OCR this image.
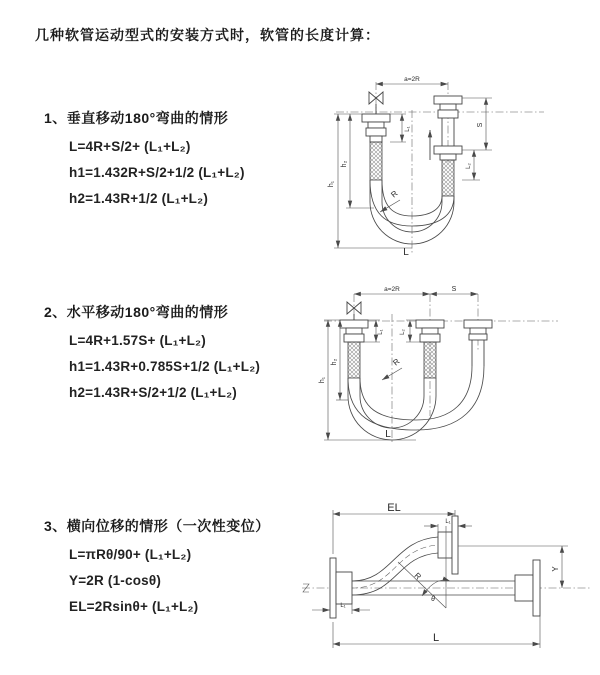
几种软管运动型式的安装方式时，软管的长度计算：
1、垂直移动180°弯曲的情形
L=4R+S/2+ (L₁+L₂)
h1=1.432R+S/2+1/2 (L₁+L₂)
h2=1.43R+1/2 (L₁+L₂)
2、水平移动180°弯曲的情形
L=4R+1.57S+ (L₁+L₂)
h1=1.43R+0.785S+1/2 (L₁+L₂)
h2=1.43R+S/2+1/2 (L₁+L₂)
3、横向位移的情形（一次性变位）
L=πRθ/90+ (L₁+L₂)
Y=2R (1-cosθ)
EL=2Rsinθ+ (L₁+L₂)
a=2R
h₁
h₂
L₁
S
L₂
R
L
a=2R	S
h₁
h₂
L₁	L₂
R
L
EL
L₁
Y
R
θ
L
L₁
